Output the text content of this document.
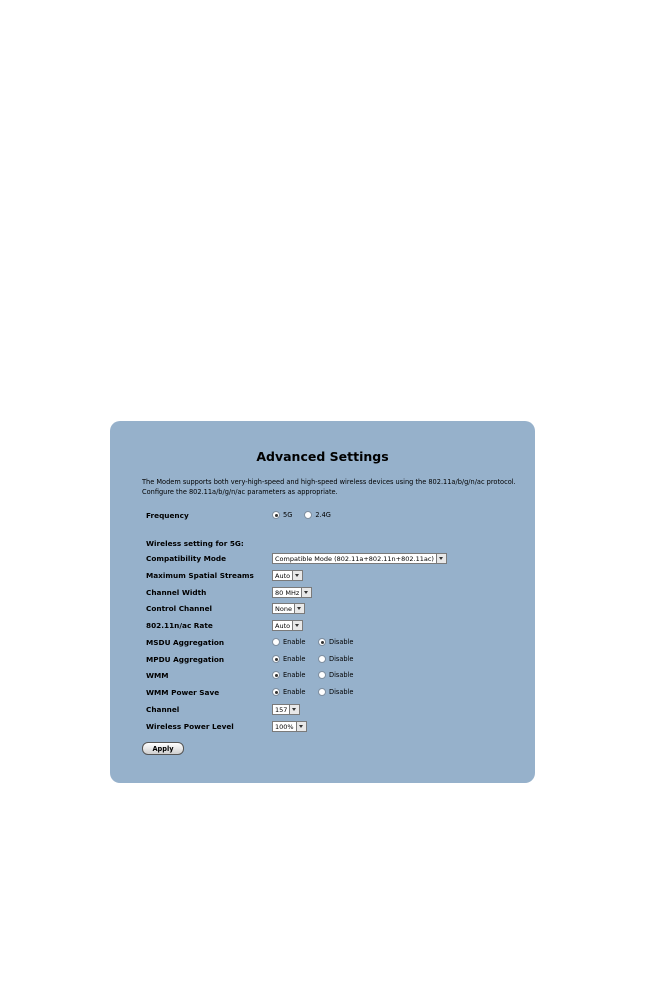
Advanced Settings
The Modem supports both very-high-speed and high-speed wireless devices using the 802.11a/b/g/n/ac protocol. Configure the 802.11a/b/g/n/ac parameters as appropriate.
Frequency	5G	2.4G
Wireless setting for 5G:
Compatibility Mode	Compatible Mode (802.11a+802.11n+802.11ac)
Maximum Spatial Streams	Auto
Channel Width	80 MHz
Control Channel	None
802.11n/ac Rate	Auto
MSDU Aggregation	Enable	Disable
MPDU Aggregation	Enable	Disable
WMM	Enable	Disable
WMM Power Save	Enable	Disable
Channel	157
Wireless Power Level	100%
Apply
